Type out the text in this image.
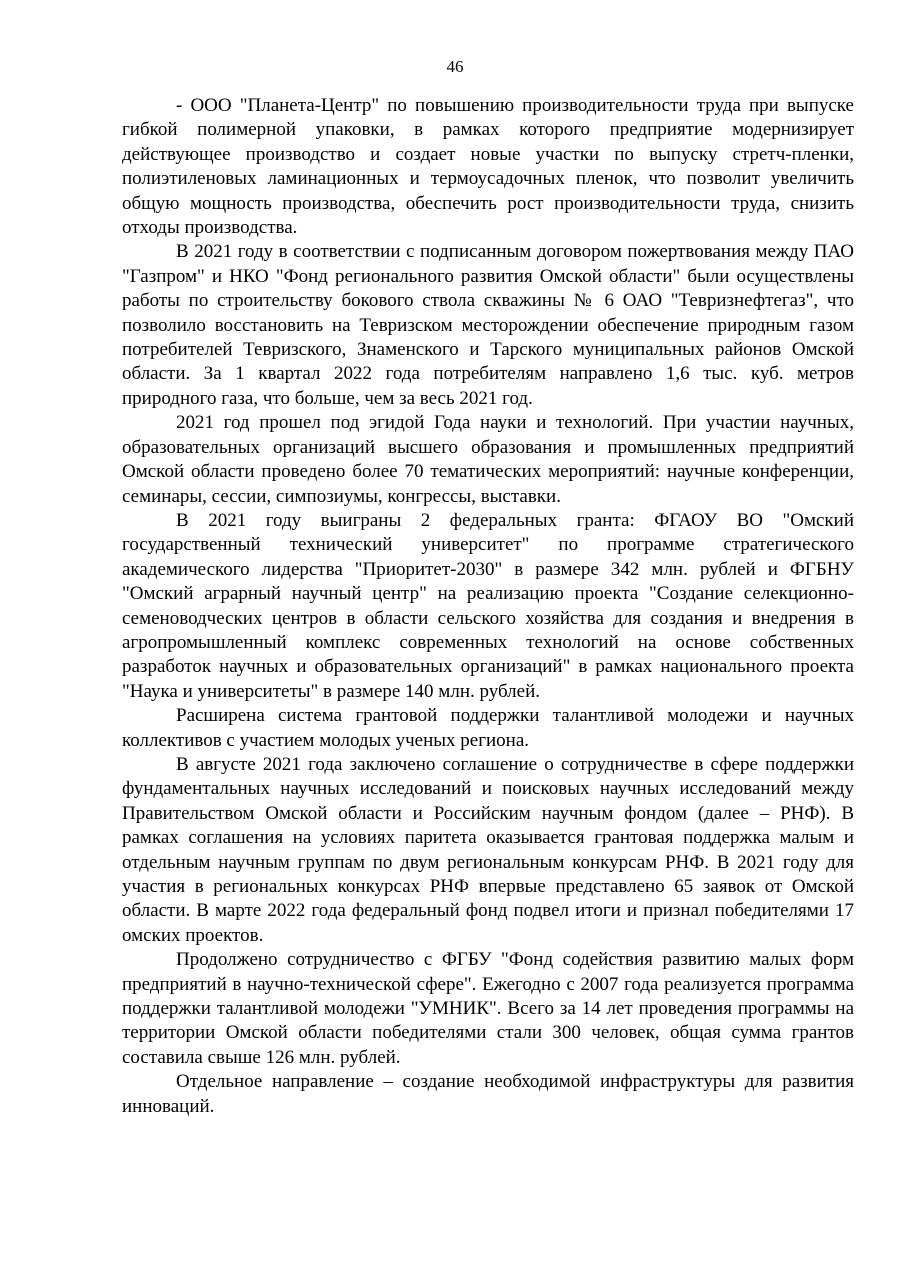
46

- ООО "Планета-Центр" по повышению производительности труда при выпуске гибкой полимерной упаковки, в рамках которого предприятие модернизирует действующее производство и создает новые участки по выпуску стретч-пленки, полиэтиленовых ламинационных и термоусадочных пленок, что позволит увеличить общую мощность производства, обеспечить рост производительности труда, снизить отходы производства.

В 2021 году в соответствии с подписанным договором пожертвования между ПАО "Газпром" и НКО "Фонд регионального развития Омской области" были осуществлены работы по строительству бокового ствола скважины № 6 ОАО "Тевризнефтегаз", что позволило восстановить на Тевризском месторождении обеспечение природным газом потребителей Тевризского, Знаменского и Тарского муниципальных районов Омской области. За 1 квартал 2022 года потребителям направлено 1,6 тыс. куб. метров природного газа, что больше, чем за весь 2021 год.

2021 год прошел под эгидой Года науки и технологий. При участии научных, образовательных организаций высшего образования и промышленных предприятий Омской области проведено более 70 тематических мероприятий: научные конференции, семинары, сессии, симпозиумы, конгрессы, выставки.

В 2021 году выиграны 2 федеральных гранта: ФГАОУ ВО "Омский государственный технический университет" по программе стратегического академического лидерства "Приоритет-2030" в размере 342 млн. рублей и ФГБНУ "Омский аграрный научный центр" на реализацию проекта "Создание селекционно-семеноводческих центров в области сельского хозяйства для создания и внедрения в агропромышленный комплекс современных технологий на основе собственных разработок научных и образовательных организаций" в рамках национального проекта "Наука и университеты" в размере 140 млн. рублей.

Расширена система грантовой поддержки талантливой молодежи и научных коллективов с участием молодых ученых региона.

В августе 2021 года заключено соглашение о сотрудничестве в сфере поддержки фундаментальных научных исследований и поисковых научных исследований между Правительством Омской области и Российским научным фондом (далее – РНФ). В рамках соглашения на условиях паритета оказывается грантовая поддержка малым и отдельным научным группам по двум региональным конкурсам РНФ. В 2021 году для участия в региональных конкурсах РНФ впервые представлено 65 заявок от Омской области. В марте 2022 года федеральный фонд подвел итоги и признал победителями 17 омских проектов.

Продолжено сотрудничество с ФГБУ "Фонд содействия развитию малых форм предприятий в научно-технической сфере". Ежегодно с 2007 года реализуется программа поддержки талантливой молодежи "УМНИК". Всего за 14 лет проведения программы на территории Омской области победителями стали 300 человек, общая сумма грантов составила свыше 126 млн. рублей.

Отдельное направление – создание необходимой инфраструктуры для развития инноваций.
